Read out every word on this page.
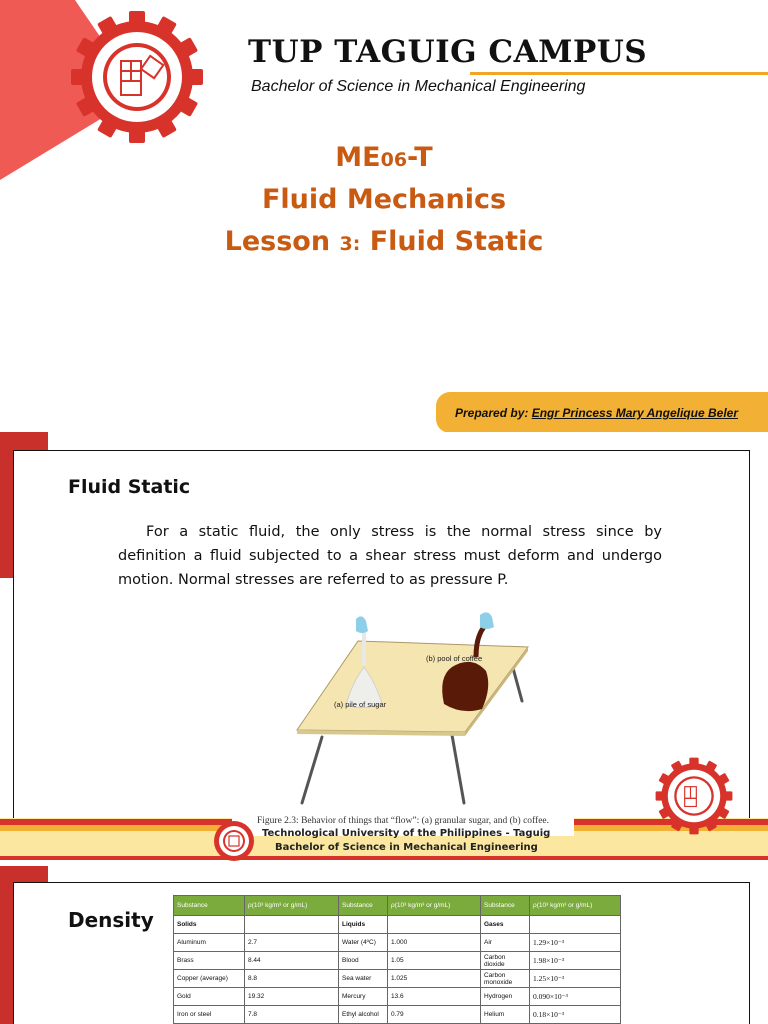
TUP TAGUIG CAMPUS
Bachelor of Science in Mechanical Engineering
ME06-T
Fluid Mechanics
Lesson 3: Fluid Static
Prepared by: Engr Princess Mary Angelique Beler
Fluid Static
For a static fluid, the only stress is the normal stress since by definition a fluid subjected to a shear stress must deform and undergo motion. Normal stresses are referred to as pressure P.
(b) pool of coffee
(a) pile of sugar
Figure 2.3: Behavior of things that “flow”: (a) granular sugar, and (b) coffee.
Technological University of the Philippines - Taguig
Bachelor of Science in Mechanical Engineering
Density
Substance	ρ(10³ kg/m³ or g/mL)	Substance	ρ(10³ kg/m³ or g/mL)	Substance	ρ(10³ kg/m³ or g/mL)
Solids		Liquids		Gases	
Aluminum	2.7	Water (4ºC)	1.000	Air	1.29×10⁻³
Brass	8.44	Blood	1.05	Carbon dioxide	1.98×10⁻³
Copper (average)	8.8	Sea water	1.025	Carbon monoxide	1.25×10⁻³
Gold	19.32	Mercury	13.6	Hydrogen	0.090×10⁻³
Iron or steel	7.8	Ethyl alcohol	0.79	Helium	0.18×10⁻³
